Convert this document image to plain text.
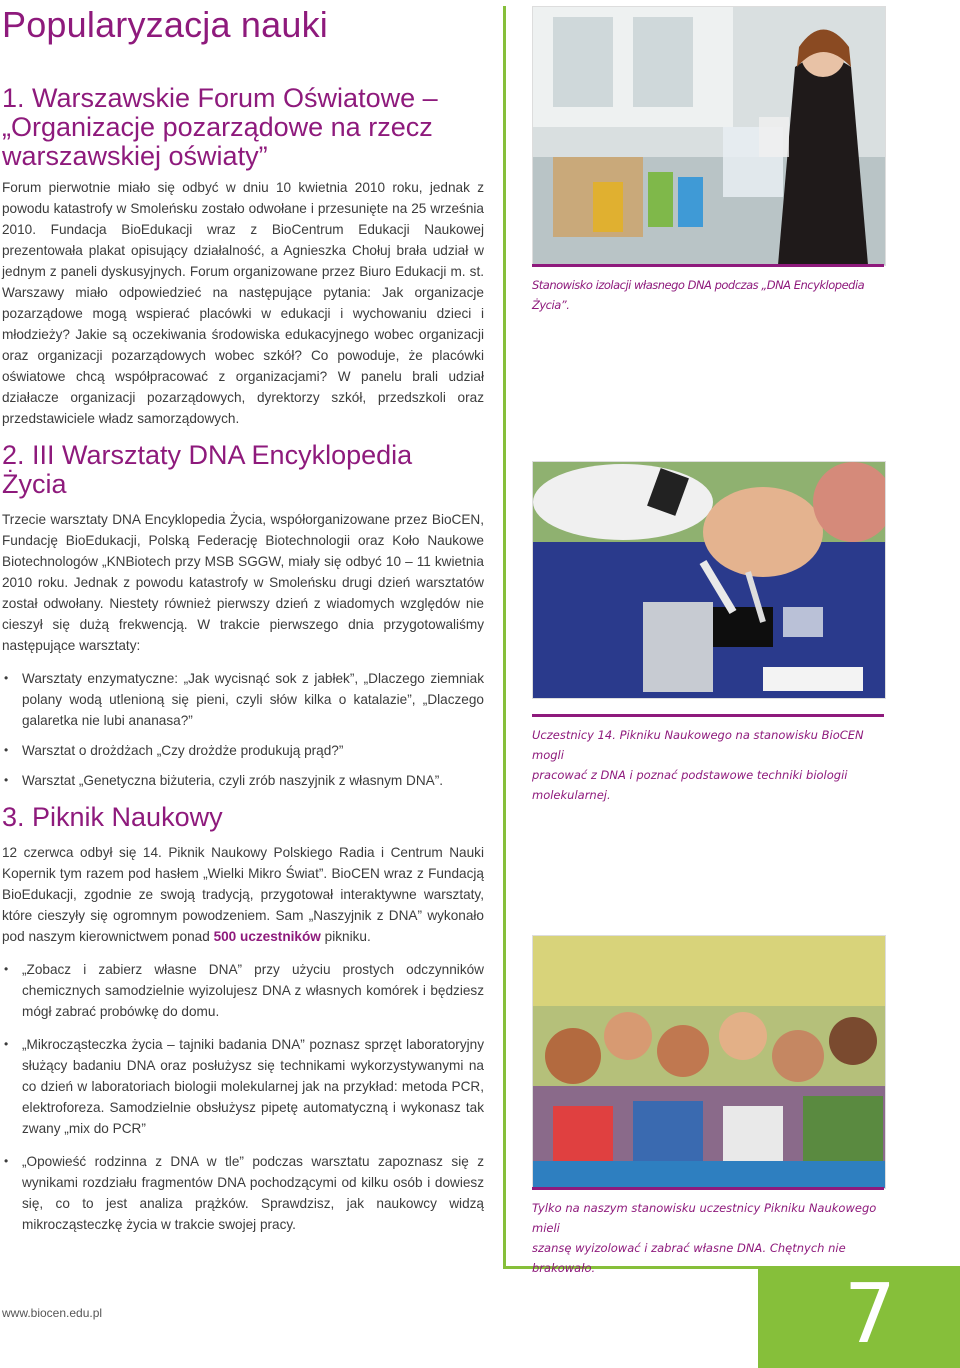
Popularyzacja nauki
1. Warszawskie Forum Oświatowe –
„Organizacje pozarządowe na rzecz
warszawskiej oświaty”

Forum pierwotnie miało się odbyć w dniu 10 kwietnia 2010 roku, jednak z powodu katastrofy w Smoleńsku zostało odwołane i przesunięte na 25 września 2010. Fundacja BioEdukacji wraz z BioCentrum Edukacji Naukowej prezentowała plakat opisujący działalność, a Agnieszka Chołuj brała udział w jednym z paneli dyskusyjnych. Forum organizowane przez Biuro Edukacji m. st. Warszawy miało odpowiedzieć na następujące pytania: Jak organizacje pozarządowe mogą wspierać placówki w edukacji i wychowaniu dzieci i młodzieży? Jakie są oczekiwania środowiska edukacyjnego wobec organizacji oraz organizacji pozarządowych wobec szkół? Co powoduje, że placówki oświatowe chcą współpracować z organizacjami? W panelu brali udział działacze organizacji pozarządowych, dyrektorzy szkół, przedszkoli oraz przedstawiciele władz samorządowych.

2. III Warsztaty DNA Encyklopedia Życia

Trzecie warsztaty DNA Encyklopedia Życia, współorganizowane przez BioCEN, Fundację BioEdukacji, Polską Federację Biotechnologii oraz Koło Naukowe Biotechnologów „KNBiotech przy MSB SGGW, miały się odbyć 10 – 11 kwietnia 2010 roku. Jednak z powodu katastrofy w Smoleńsku drugi dzień warsztatów został odwołany. Niestety również pierwszy dzień z wiadomych względów nie cieszył się dużą frekwencją. W trakcie pierwszego dnia przygotowaliśmy następujące warsztaty:

• Warsztaty enzymatyczne: „Jak wycisnąć sok z jabłek”, „Dlaczego ziemniak polany wodą utlenioną się pieni, czyli słów kilka o katalazie”, „Dlaczego galaretka nie lubi ananasa?”
• Warsztat o drożdżach „Czy drożdże produkują prąd?”
• Warsztat „Genetyczna biżuteria, czyli zrób naszyjnik z własnym DNA”.
3. Piknik Naukowy

12 czerwca odbył się 14. Piknik Naukowy Polskiego Radia i Centrum Nauki Kopernik tym razem pod hasłem „Wielki Mikro Świat”. BioCEN wraz z Fundacją BioEdukacji, zgodnie ze swoją tradycją, przygotował interaktywne warsztaty, które cieszyły się ogromnym powodzeniem. Sam „Naszyjnik z DNA” wykonało pod naszym kierownictwem ponad 500 uczestników pikniku.

• „Zobacz i zabierz własne DNA” przy użyciu prostych odczynników chemicznych samodzielnie wyizolujesz DNA z własnych komórek i będziesz mógł zabrać probówkę do domu.
• „Mikrocząsteczka życia – tajniki badania DNA” poznasz sprzęt laboratoryjny służący badaniu DNA oraz posłużysz się technikami wykorzystywanymi na co dzień w laboratoriach biologii molekularnej jak na przykład: metoda PCR, elektroforeza. Samodzielnie obsłużysz pipetę automatyczną i wykonasz tak zwany „mix do PCR”
• „Opowieść rodzinna z DNA w tle” podczas warsztatu zapoznasz się z wynikami rozdziału fragmentów DNA pochodzącymi od kilku osób i dowiesz się, co to jest analiza prążków. Sprawdzisz, jak naukowcy widzą mikrocząsteczkę życia w trakcie swojej pracy.
Stanowisko izolacji własnego DNA podczas „DNA Encyklopedia Życia”.
Uczestnicy 14. Pikniku Naukowego na stanowisku BioCEN mogli
pracować z DNA i poznać podstawowe techniki biologii molekularnej.
Tylko na naszym stanowisku uczestnicy Pikniku Naukowego mieli
szansę wyizolować i zabrać własne DNA. Chętnych nie brakowało.
www.biocen.edu.pl	7
